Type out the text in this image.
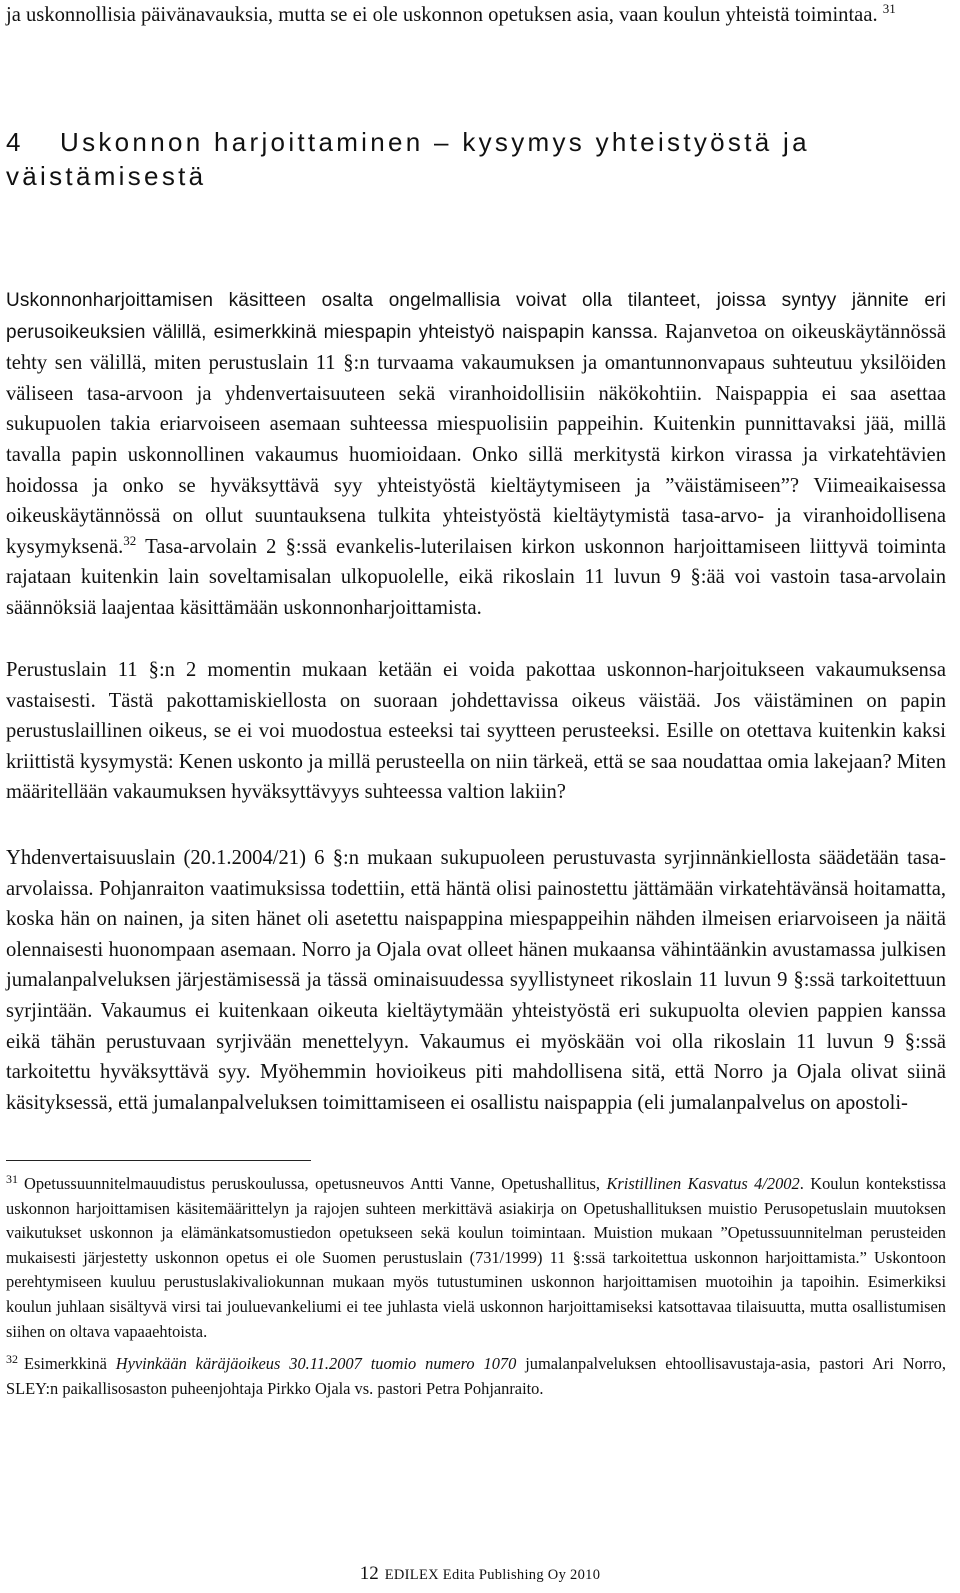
ja uskonnollisia päivänavauksia, mutta se ei ole uskonnon opetuksen asia, vaan koulun yhteistä toimintaa. $^{31}$

4 Uskonnon harjoittaminen – kysymys yhteistyöstä ja väistämisestä

Uskonnonharjoittamisen käsitteen osalta ongelmallisia voivat olla tilanteet, joissa syntyy jännite eri perusoikeuksien välillä, esimerkkinä miespapin yhteistyö naispapin kanssa. Rajanvetoa on oikeuskäytännössä tehty sen välillä, miten perustuslain 11 §:n turvaama vakaumuksen ja omantunnonvapaus suhteutuu yksilöiden väliseen tasa-arvoon ja yhdenvertaisuuteen sekä viranhoidollisiin näkökohtiin. Naispappia ei saa asettaa sukupuolen takia eriarvoiseen asemaan suhteessa miespuolisiin pappeihin. Kuitenkin punnittavaksi jää, millä tavalla papin uskonnollinen vakaumus huomioidaan. Onko sillä merkitystä kirkon virassa ja virkatehtävien hoidossa ja onko se hyväksyttävä syy yhteistyöstä kieltäytymiseen ja ”väistämiseen”? Viimeaikaisessa oikeuskäytännössä on ollut suuntauksena tulkita yhteistyöstä kieltäytymistä tasa-arvo- ja viranhoidollisena kysymyksenä.$^{32}$ Tasa-arvolain 2 §:ssä evankelis-luterilaisen kirkon uskonnon harjoittamiseen liittyvä toiminta rajataan kuitenkin lain soveltamisalan ulkopuolelle, eikä rikoslain 11 luvun 9 §:ää voi vastoin tasa-arvolain säännöksiä laajentaa käsittämään uskonnonharjoittamista.

Perustuslain 11 §:n 2 momentin mukaan ketään ei voida pakottaa uskonnon-harjoitukseen vakaumuksensa vastaisesti. Tästä pakottamiskiellosta on suoraan johdettavissa oikeus väistää. Jos väistäminen on papin perustuslaillinen oikeus, se ei voi muodostua esteeksi tai syytteen perusteeksi. Esille on otettava kuitenkin kaksi kriittistä kysymystä: Kenen uskonto ja millä perusteella on niin tärkeä, että se saa noudattaa omia lakejaan? Miten määritellään vakaumuksen hyväksyttävyys suhteessa valtion lakiin?

Yhdenvertaisuuslain (20.1.2004/21) 6 §:n mukaan sukupuoleen perustuvasta syrjinnänkiellosta säädetään tasa-arvolaissa. Pohjanraiton vaatimuksissa todettiin, että häntä olisi painostettu jättämään virkatehtävänsä hoitamatta, koska hän on nainen, ja siten hänet oli asetettu naispappina miespappeihin nähden ilmeisen eriarvoiseen ja näitä olennaisesti huonompaan asemaan. Norro ja Ojala ovat olleet hänen mukaansa vähintäänkin avustamassa julkisen jumalanpalveluksen järjestämisessä ja tässä ominaisuudessa syyllistyneet rikoslain 11 luvun 9 §:ssä tarkoitettuun syrjintään. Vakaumus ei kuitenkaan oikeuta kieltäytymään yhteistyöstä eri sukupuolta olevien pappien kanssa eikä tähän perustuvaan syrjivään menettelyyn. Vakaumus ei myöskään voi olla rikoslain 11 luvun 9 §:ssä tarkoitettu hyväksyttävä syy. Myöhemmin hovioikeus piti mahdollisena sitä, että Norro ja Ojala olivat siinä käsityksessä, että jumalanpalveluksen toimittamiseen ei osallistu naispappia (eli jumalanpalvelus on apostoli-

$^{31}$ Opetussuunnitelmauudistus peruskoulussa, opetusneuvos Antti Vanne, Opetushallitus, Kristillinen Kasvatus 4/2002. Koulun kontekstissa uskonnon harjoittamisen käsitemäärittelyn ja rajojen suhteen merkittävä asiakirja on Opetushallituksen muistio Perusopetuslain muutoksen vaikutukset uskonnon ja elämänkatsomustiedon opetukseen sekä koulun toimintaan. Muistion mukaan ”Opetussuunnitelman perusteiden mukaisesti järjestetty uskonnon opetus ei ole Suomen perustuslain (731/1999) 11 §:ssä tarkoitettua uskonnon harjoittamista.” Uskontoon perehtymiseen kuuluu perustuslakivaliokunnan mukaan myös tutustuminen uskonnon harjoittamisen muotoihin ja tapoihin. Esimerkiksi koulun juhlaan sisältyvä virsi tai jouluevankeliumi ei tee juhlasta vielä uskonnon harjoittamiseksi katsottavaa tilaisuutta, mutta osallistumisen siihen on oltava vapaaehtoista.

$^{32}$ Esimerkkinä Hyvinkään käräjäoikeus 30.11.2007 tuomio numero 1070 jumalanpalveluksen ehtoollisavustaja-asia, pastori Ari Norro, SLEY:n paikallisosaston puheenjohtaja Pirkko Ojala vs. pastori Petra Pohjanraito.

12 EDILEX Edita Publishing Oy 2010
